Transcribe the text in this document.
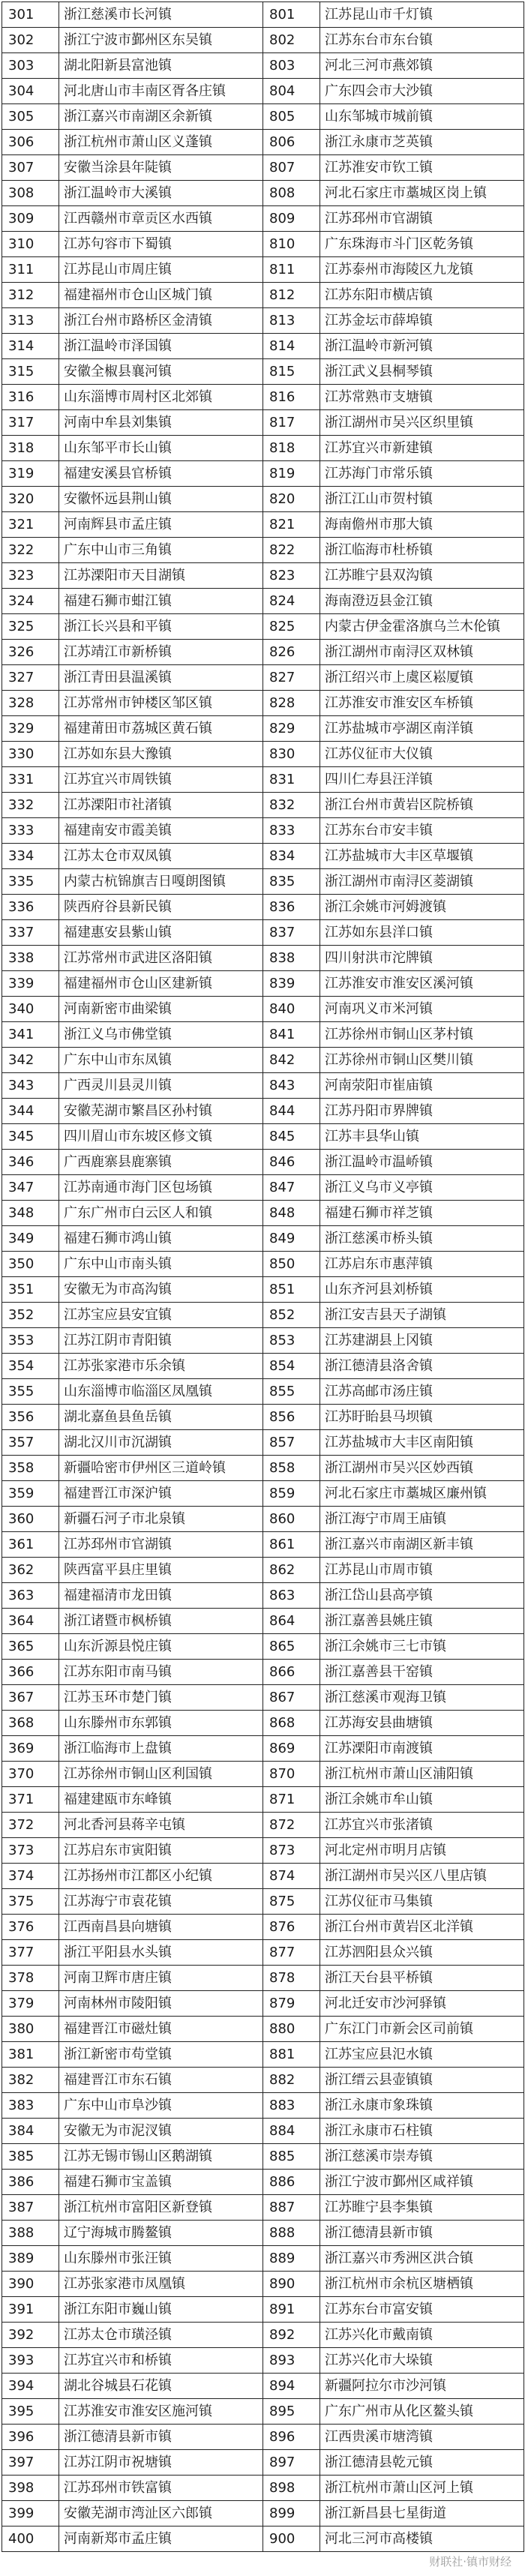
301	浙江慈溪市长河镇	801	江苏昆山市千灯镇
302	浙江宁波市鄞州区东吴镇	802	江苏东台市东台镇
303	湖北阳新县富池镇	803	河北三河市燕郊镇
304	河北唐山市丰南区胥各庄镇	804	广东四会市大沙镇
305	浙江嘉兴市南湖区余新镇	805	山东邹城市城前镇
306	浙江杭州市萧山区义蓬镇	806	浙江永康市芝英镇
307	安徽当涂县年陡镇	807	江苏淮安市钦工镇
308	浙江温岭市大溪镇	808	河北石家庄市藁城区岗上镇
309	江西赣州市章贡区水西镇	809	江苏邳州市官湖镇
310	江苏句容市下蜀镇	810	广东珠海市斗门区乾务镇
311	江苏昆山市周庄镇	811	江苏泰州市海陵区九龙镇
312	福建福州市仓山区城门镇	812	江苏东阳市横店镇
313	浙江台州市路桥区金清镇	813	江苏金坛市薛埠镇
314	浙江温岭市泽国镇	814	浙江温岭市新河镇
315	安徽全椒县襄河镇	815	浙江武义县桐琴镇
316	山东淄博市周村区北郊镇	816	江苏常熟市支塘镇
317	河南中牟县刘集镇	817	浙江湖州市吴兴区织里镇
318	山东邹平市长山镇	818	江苏宜兴市新建镇
319	福建安溪县官桥镇	819	江苏海门市常乐镇
320	安徽怀远县荆山镇	820	浙江江山市贺村镇
321	河南辉县市孟庄镇	821	海南儋州市那大镇
322	广东中山市三角镇	822	浙江临海市杜桥镇
323	江苏溧阳市天目湖镇	823	江苏睢宁县双沟镇
324	福建石狮市蚶江镇	824	海南澄迈县金江镇
325	浙江长兴县和平镇	825	内蒙古伊金霍洛旗乌兰木伦镇
326	江苏靖江市新桥镇	826	浙江湖州市南浔区双林镇
327	浙江青田县温溪镇	827	浙江绍兴市上虞区崧厦镇
328	江苏常州市钟楼区邹区镇	828	江苏淮安市淮安区车桥镇
329	福建莆田市荔城区黄石镇	829	江苏盐城市亭湖区南洋镇
330	江苏如东县大豫镇	830	江苏仪征市大仪镇
331	江苏宜兴市周铁镇	831	四川仁寿县汪洋镇
332	江苏溧阳市社渚镇	832	浙江台州市黄岩区院桥镇
333	福建南安市霞美镇	833	江苏东台市安丰镇
334	江苏太仓市双凤镇	834	江苏盐城市大丰区草堰镇
335	内蒙古杭锦旗吉日嘎朗图镇	835	浙江湖州市南浔区菱湖镇
336	陕西府谷县新民镇	836	浙江余姚市河姆渡镇
337	福建惠安县紫山镇	837	江苏如东县洋口镇
338	江苏常州市武进区洛阳镇	838	四川射洪市沱牌镇
339	福建福州市仓山区建新镇	839	江苏淮安市淮安区溪河镇
340	河南新密市曲梁镇	840	河南巩义市米河镇
341	浙江义乌市佛堂镇	841	江苏徐州市铜山区茅村镇
342	广东中山市东凤镇	842	江苏徐州市铜山区樊川镇
343	广西灵川县灵川镇	843	河南荥阳市崔庙镇
344	安徽芜湖市繁昌区孙村镇	844	江苏丹阳市界牌镇
345	四川眉山市东坡区修文镇	845	江苏丰县华山镇
346	广西鹿寨县鹿寨镇	846	浙江温岭市温峤镇
347	江苏南通市海门区包场镇	847	浙江义乌市义亭镇
348	广东广州市白云区人和镇	848	福建石狮市祥芝镇
349	福建石狮市鸿山镇	849	浙江慈溪市桥头镇
350	广东中山市南头镇	850	江苏启东市惠萍镇
351	安徽无为市高沟镇	851	山东齐河县刘桥镇
352	江苏宝应县安宜镇	852	浙江安吉县天子湖镇
353	江苏江阴市青阳镇	853	江苏建湖县上冈镇
354	江苏张家港市乐余镇	854	浙江德清县洛舍镇
355	山东淄博市临淄区凤凰镇	855	江苏高邮市汤庄镇
356	湖北嘉鱼县鱼岳镇	856	江苏盱眙县马坝镇
357	湖北汉川市沉湖镇	857	江苏盐城市大丰区南阳镇
358	新疆哈密市伊州区三道岭镇	858	浙江湖州市吴兴区妙西镇
359	福建晋江市深沪镇	859	河北石家庄市藁城区廉州镇
360	新疆石河子市北泉镇	860	浙江海宁市周王庙镇
361	江苏邳州市官湖镇	861	浙江嘉兴市南湖区新丰镇
362	陕西富平县庄里镇	862	江苏昆山市周市镇
363	福建福清市龙田镇	863	浙江岱山县高亭镇
364	浙江诸暨市枫桥镇	864	浙江嘉善县姚庄镇
365	山东沂源县悦庄镇	865	浙江余姚市三七市镇
366	江苏东阳市南马镇	866	浙江嘉善县干窑镇
367	江苏玉环市楚门镇	867	浙江慈溪市观海卫镇
368	山东滕州市东郭镇	868	江苏海安县曲塘镇
369	浙江临海市上盘镇	869	江苏溧阳市南渡镇
370	江苏徐州市铜山区利国镇	870	浙江杭州市萧山区浦阳镇
371	福建建瓯市东峰镇	871	浙江余姚市牟山镇
372	河北香河县蒋辛屯镇	872	江苏宜兴市张渚镇
373	江苏启东市寅阳镇	873	河北定州市明月店镇
374	江苏扬州市江都区小纪镇	874	浙江湖州市吴兴区八里店镇
375	江苏海宁市袁花镇	875	江苏仪征市马集镇
376	江西南昌县向塘镇	876	浙江台州市黄岩区北洋镇
377	浙江平阳县水头镇	877	江苏泗阳县众兴镇
378	河南卫辉市唐庄镇	878	浙江天台县平桥镇
379	河南林州市陵阳镇	879	河北迁安市沙河驿镇
380	福建晋江市磁灶镇	880	广东江门市新会区司前镇
381	浙江新密市苟堂镇	881	江苏宝应县氾水镇
382	福建晋江市东石镇	882	浙江缙云县壶镇镇
383	广东中山市阜沙镇	883	浙江永康市象珠镇
384	安徽无为市泥汊镇	884	浙江永康市石柱镇
385	江苏无锡市锡山区鹅湖镇	885	浙江慈溪市崇寿镇
386	福建石狮市宝盖镇	886	浙江宁波市鄞州区咸祥镇
387	浙江杭州市富阳区新登镇	887	江苏睢宁县李集镇
388	辽宁海城市腾鳌镇	888	浙江德清县新市镇
389	山东滕州市张汪镇	889	浙江嘉兴市秀洲区洪合镇
390	江苏张家港市凤凰镇	890	浙江杭州市余杭区塘栖镇
391	浙江东阳市巍山镇	891	江苏东台市富安镇
392	江苏太仓市璜泾镇	892	江苏兴化市戴南镇
393	江苏宜兴市和桥镇	893	江苏兴化市大垛镇
394	湖北谷城县石花镇	894	新疆阿拉尔市沙河镇
395	江苏淮安市淮安区施河镇	895	广东广州市从化区鳌头镇
396	浙江德清县新市镇	896	江西贵溪市塘湾镇
397	江苏江阴市祝塘镇	897	浙江德清县乾元镇
398	江苏邳州市铁富镇	898	浙江杭州市萧山区河上镇
399	安徽芜湖市湾沚区六郎镇	899	浙江新昌县七星街道
400	河南新郑市孟庄镇	900	河北三河市高楼镇
财联社·镇市财经
